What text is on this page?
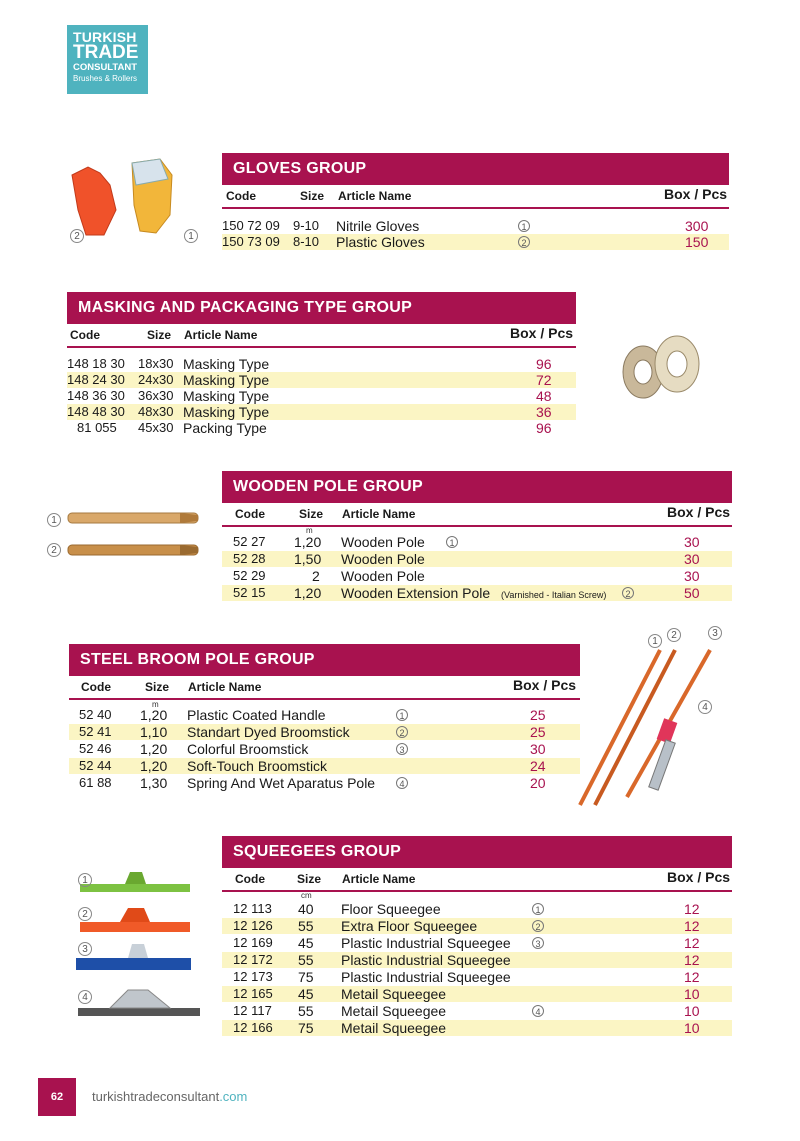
TURKISH
TRADE
CONSULTANT
Brushes & Rollers
2	1
GLOVES GROUP
Code	Size Article Name	Box / Pcs
150 72 09 9-10 Nitrile Gloves	1	300
150 73 09 8-10 Plastic Gloves	2	150
MASKING AND PACKAGING TYPE GROUP
Code	Size Article Name	Box / Pcs
148 18 30 18x30 Masking Type	96
148 24 30 24x30 Masking Type	72
148 36 30 36x30 Masking Type	48
148 48 30 48x30 Masking Type	36
81 055 45x30 Packing Type	96
1
2
WOODEN POLE GROUP
Code	Size Article Name	Box / Pcs
m
52 27 1,20 Wooden Pole	1	30
52 28 1,50 Wooden Pole	30
52 29	2 Wooden Pole	30
52 15 1,20 Wooden Extension Pole (Varnished - Italian Screw)	2	50
STEEL BROOM POLE GROUP
Code	Size Article Name	Box / Pcs
m
52 40 1,20 Plastic Coated Handle	1	25
52 41 1,10 Standart Dyed Broomstick	2	25
52 46 1,20 Colorful Broomstick	3	30
52 44 1,20 Soft-Touch Broomstick	24
61 88 1,30 Spring And Wet Aparatus Pole	4	20
1
2	3
4
1
2
3
4
SQUEEGEES GROUP
Code	Size Article Name	Box / Pcs
cm
12 113 40 Floor Squeegee	1	12
12 126 55 Extra Floor Squeegee	2	12
12 169 45 Plastic Industrial Squeegee	3	12
12 172 55 Plastic Industrial Squeegee	12
12 173 75 Plastic Industrial Squeegee	12
12 165 45 Metail Squeegee	10
12 117 55 Metail Squeegee	4	10
12 166 75 Metail Squeegee	10
62	turkishtradeconsultant.com
